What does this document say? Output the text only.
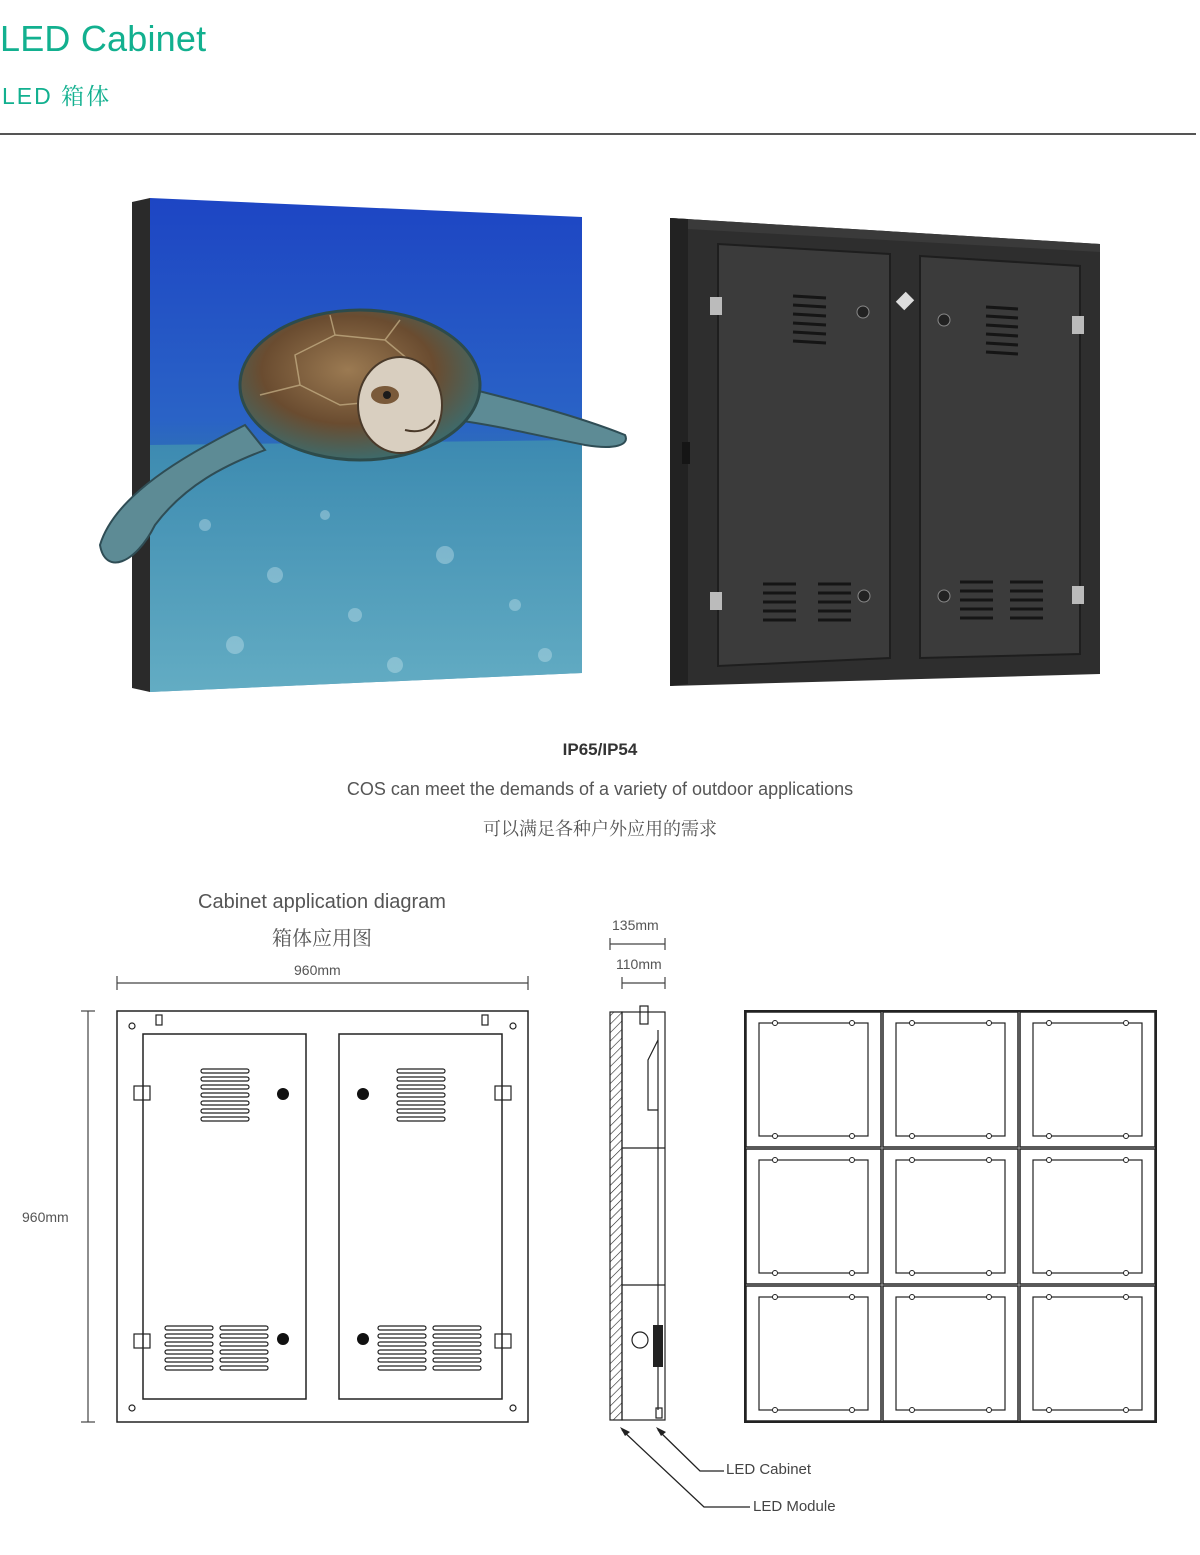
LED Cabinet
LED 箱体
IP65/IP54
COS can meet the demands of a variety of outdoor applications
可以满足各种户外应用的需求
Cabinet application diagram
箱体应用图
960mm
960mm
135mm
110mm
LED Cabinet
LED Module
